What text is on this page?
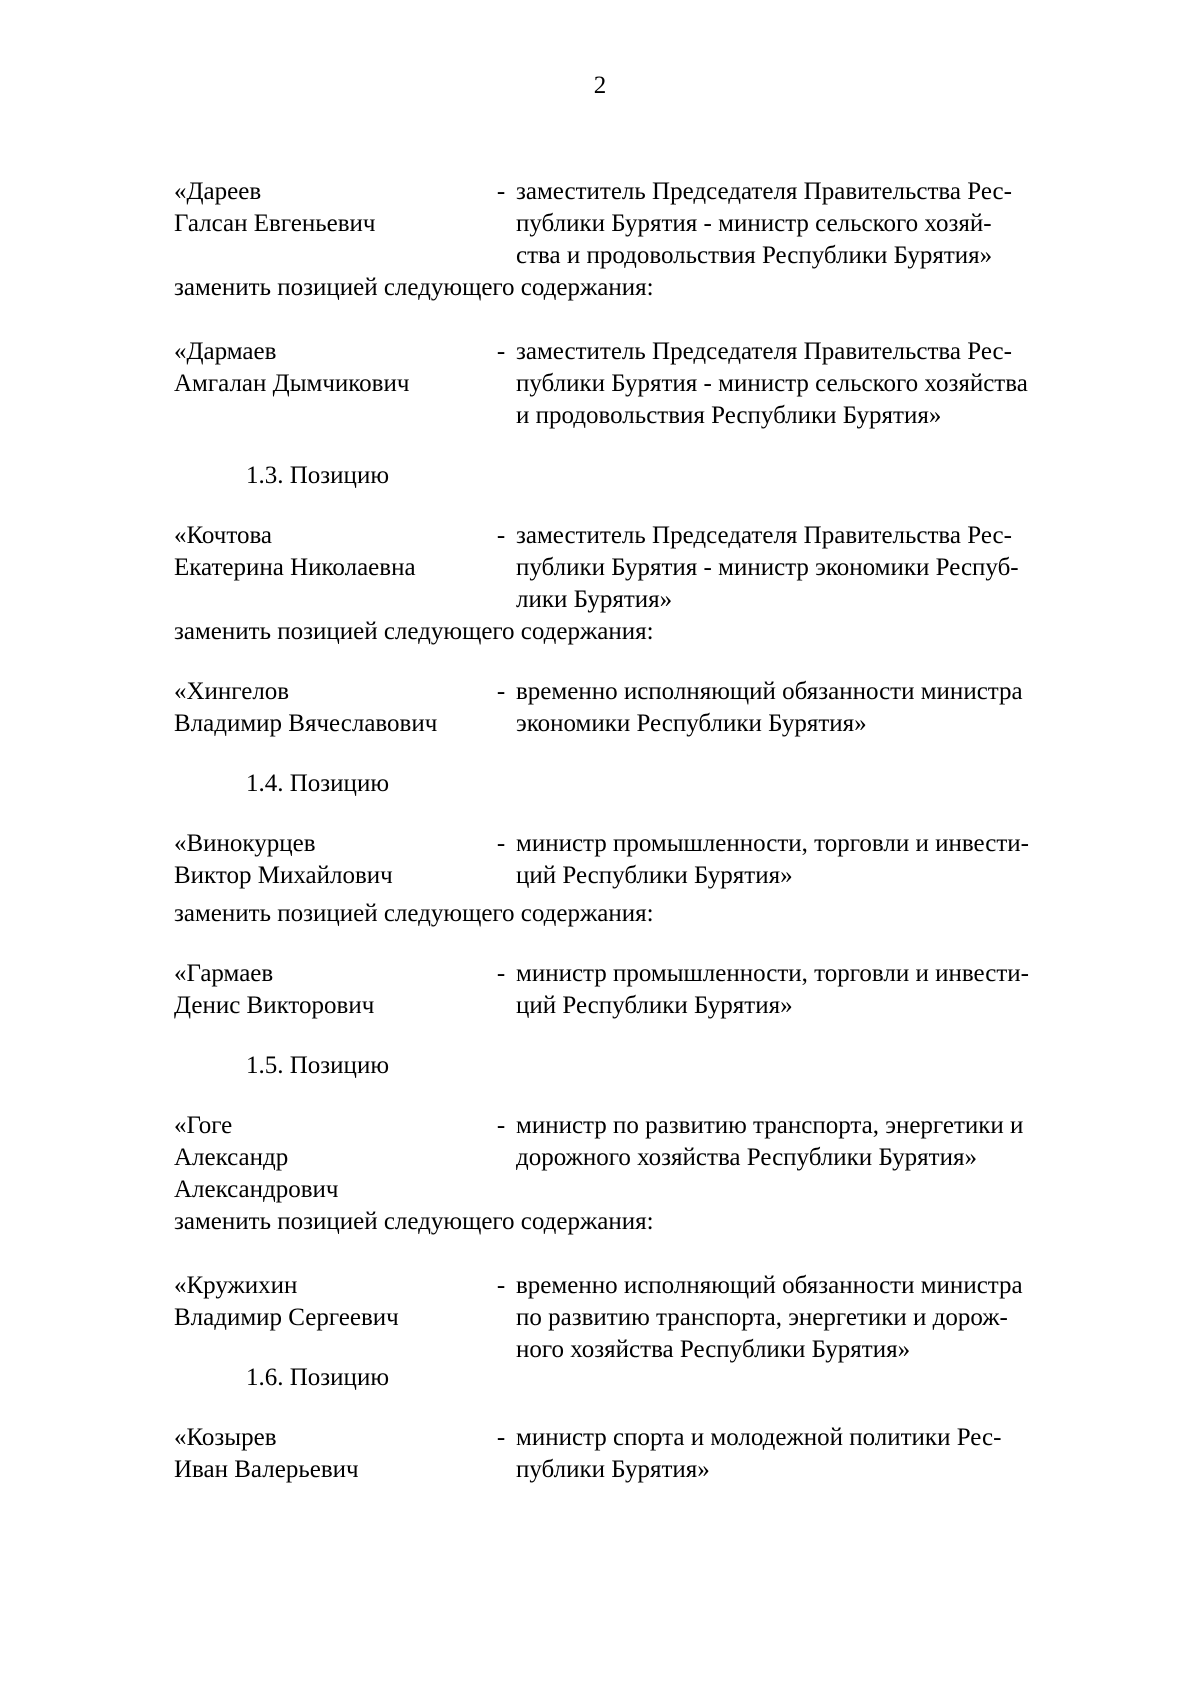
2
«Дареев
Галсан Евгеньевич
- заместитель Председателя Правительства Рес-
публики Бурятия - министр сельского хозяй-
ства и продовольствия Республики Бурятия»
заменить позицией следующего содержания:
«Дармаев
Амгалан Дымчикович
- заместитель Председателя Правительства Рес-
публики Бурятия - министр сельского хозяйства
и продовольствия Республики Бурятия»
1.3. Позицию
«Кочтова
Екатерина Николаевна
- заместитель Председателя Правительства Рес-
публики Бурятия - министр экономики Респуб-
лики Бурятия»
заменить позицией следующего содержания:
«Хингелов
Владимир Вячеславович
- временно исполняющий обязанности министра
экономики Республики Бурятия»
1.4. Позицию
«Винокурцев
Виктор Михайлович
- министр промышленности, торговли и инвести-
ций Республики Бурятия»
заменить позицией следующего содержания:
«Гармаев
Денис Викторович
- министр промышленности, торговли и инвести-
ций Республики Бурятия»
1.5. Позицию
«Гоге
Александр
Александрович
- министр по развитию транспорта, энергетики и
дорожного хозяйства Республики Бурятия»
заменить позицией следующего содержания:
«Кружихин
Владимир Сергеевич
- временно исполняющий обязанности министра
по развитию транспорта, энергетики и дорож-
ного хозяйства Республики Бурятия»
1.6. Позицию
«Козырев
Иван Валерьевич
- министр спорта и молодежной политики Рес-
публики Бурятия»
